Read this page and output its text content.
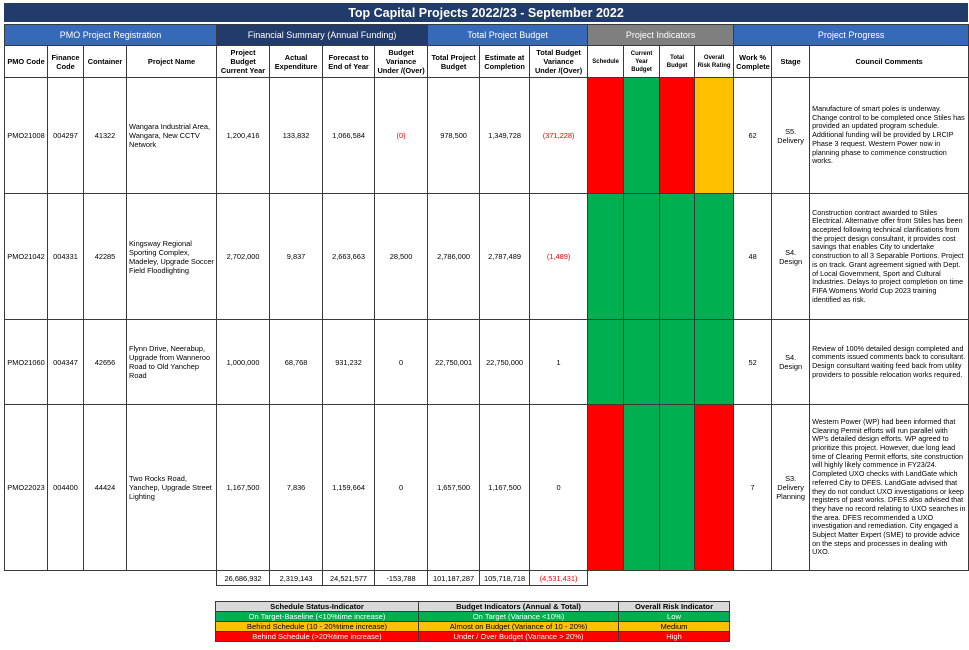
Top Capital Projects 2022/23 - September 2022
PMO Project Registration				Financial Summary (Annual Funding)				Total Project Budget			Project Indicators				Project Progress		
PMO Code	Finance Code	Container	Project Name	Project Budget Current Year	Actual Expenditure	Forecast to End of Year	Budget Variance Under /(Over)	Total Project Budget	Estimate at Completion	Total Budget Variance Under /(Over)	Schedule	Current Year Budget	Total Budget	Overall Risk Rating	Work % Complete	Stage	Council Comments
PMO21008	004297	41322	Wangara Industrial Area, Wangara, New CCTV Network	1,200,416	133,832	1,066,584	(0)	978,500	1,349,728	(371,228)					62	S5. Delivery	Manufacture of smart poles is underway. Change control to be completed once Stiles has provided an updated program schedule. Additional funding will be provided by LRCIP Phase 3 request. Western Power now in planning phase to commence construction works.
PMO21042	004331	42285	Kingsway Regional Sporting Complex, Madeley, Upgrade Soccer Field Floodlighting	2,702,000	9,837	2,663,663	28,500	2,786,000	2,787,489	(1,489)					48	S4. Design	Construction contract awarded to Stiles Electrical. Alternative offer from Stiles has been accepted following technical clarifications from the project design consultant, it provides cost savings that enables City to undertake construction to all 3 Separable Portions. Project is on track. Grant agreement signed with Dept. of Local Government, Sport and Cultural Industries. Delays to project completion on time FIFA Womens World Cup 2023 training identified as risk.
PMO21060	004347	42656	Flynn Drive, Neerabup, Upgrade from Wanneroo Road to Old Yanchep Road	1,000,000	68,768	931,232	0	22,750,001	22,750,000	1					52	S4. Design	Review of 100% detailed design completed and comments issued comments back to consultant. Design consultant waiting feed back from utility providers to possible relocation works required.
PMO22023	004400	44424	Two Rocks Road, Yanchep, Upgrade Street Lighting	1,167,500	7,836	1,159,664	0	1,657,500	1,167,500	0					7	S3. Delivery Planning	Western Power (WP) had been informed that Clearing Permit efforts will run parallel with WP's detailed design efforts. WP agreed to prioritize this project. However, due long lead time of Clearing Permit efforts, site construction will highly likely commence in FY23/24. Completed UXO checks with LandGate which referred City to DFES. LandGate advised that they do not conduct UXO investigations or keep registers of past works. DFES also advised that they have no record relating to UXO searches in the area. DFES recommended a UXO investigation and remediation. City engaged a Subject Matter Expert (SME) to provide advice on the steps and processes in dealing with UXO.
				26,686,932	2,319,143	24,521,577	-153,788	101,187,287	105,718,718	(4,531,431)							
Schedule Status-Indicator	Budget Indicators (Annual & Total)	Overall Risk Indicator
On Target-Baseline (<10%time increase)	On Target (Variance <10%)	Low
Behind Schedule (10 - 20%time increase)	Almost on Budget (Variance of 10 - 20%)	Medium
Behind Schedule (>20%time increase)	Under / Over Budget (Variance > 20%)	High
